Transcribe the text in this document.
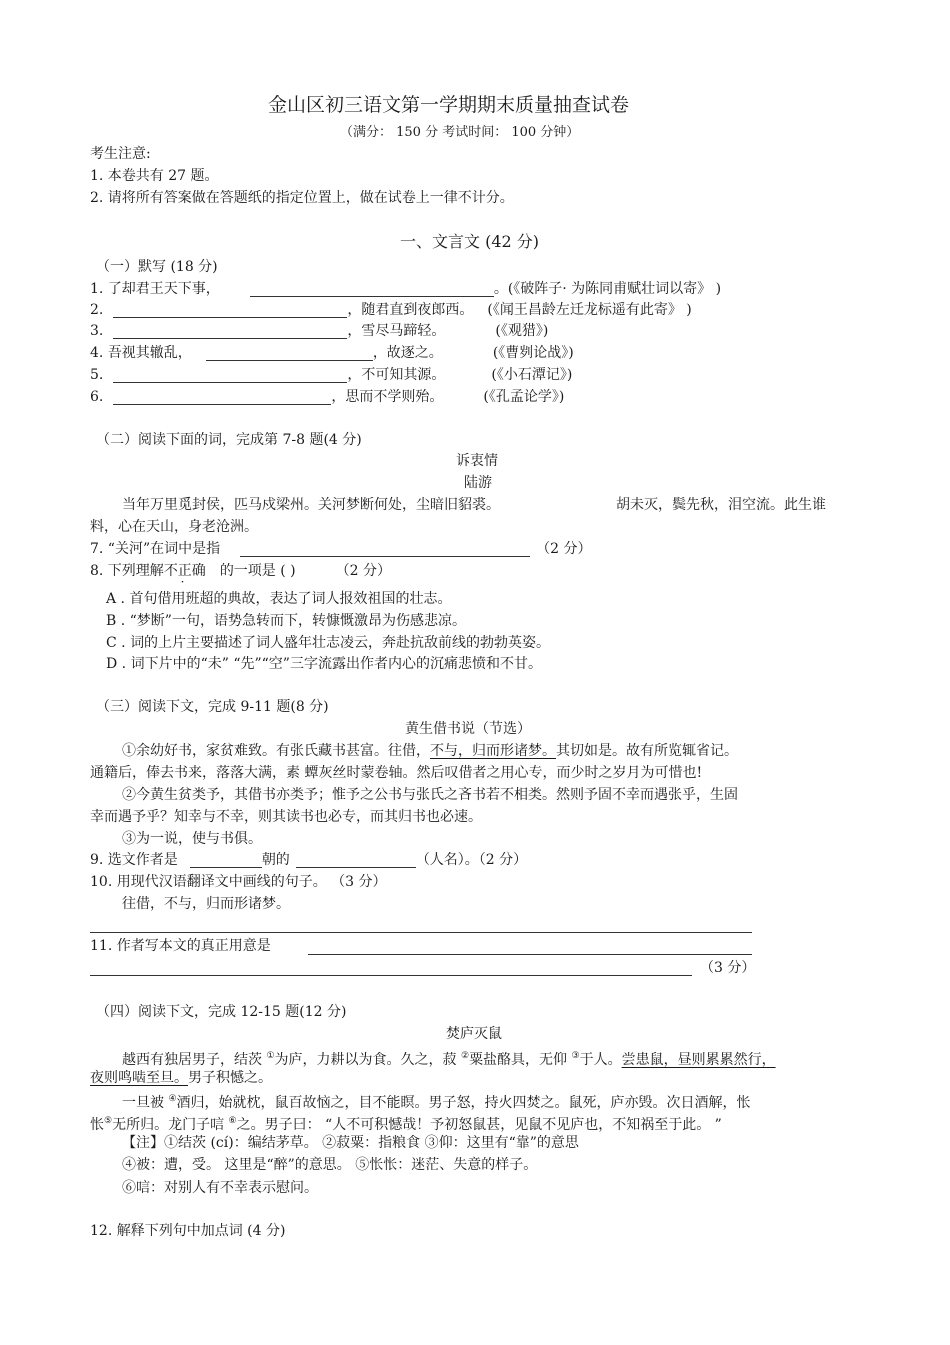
金山区初三语文第一学期期末质量抽查试卷
（满分： 150 分 考试时间： 100 分钟）
考生注意:
1. 本卷共有 27 题。
2. 请将所有答案做在答题纸的指定位置上，做在试卷上一律不计分。
一、文言文 (42 分)
（一）默写 (18 分)
1. 了却君王天下事，	。(《破阵子· 为陈同甫赋壮词以寄》 )
2.	，随君直到夜郎西。 (《闻王昌龄左迁龙标遥有此寄》 )
3.	，雪尽马蹄轻。	(《观猎》)
4. 吾视其辙乱，	，故逐之。	(《曹刿论战》)
5.	，不可知其源。	(《小石潭记》)
6.	，思而不学则殆。	(《孔孟论学》)
（二）阅读下面的词，完成第 7-8 题(4 分)
诉衷情
陆游
当年万里觅封侯，匹马戍梁州。关河梦断何处，尘暗旧貂裘。	胡未灭，鬓先秋，泪空流。此生谁
料，心在天山，身老沧洲。
7. “关河”在词中是指	（2 分）
8. 下列理解不正确 的一项是 ( )	（2 分）
A . 首句借用班超的典故，表达了词人报效祖国的壮志。
B . “梦断”一句，语势急转而下，转慷慨激昂为伤感悲凉。
C . 词的上片主要描述了词人盛年壮志凌云，奔赴抗敌前线的勃勃英姿。
D . 词下片中的“未” “先”“空”三字流露出作者内心的沉痛悲愤和不甘。
（三）阅读下文，完成 9-11 题(8 分)
黄生借书说（节选）
①余幼好书，家贫难致。有张氏藏书甚富。往借，不与，归而形诸梦。其切如是。故有所览辄省记。
通籍后，俸去书来，落落大满，素 蟫灰丝时蒙卷轴。然后叹借者之用心专，而少时之岁月为可惜也!
②今黄生贫类予，其借书亦类予；惟予之公书与张氏之吝书若不相类。然则予固不幸而遇张乎，生固
幸而遇予乎？知幸与不幸，则其读书也必专，而其归书也必速。
③为一说，使与书俱。
9. 选文作者是	朝的	（人名）。（2 分）
10. 用现代汉语翻译文中画线的句子。 （3 分）
往借，不与，归而形诸梦。
11. 作者写本文的真正用意是
（3 分）
（四）阅读下文，完成 12-15 题(12 分)
焚庐灭鼠
越西有独居男子，结茨 ①为庐，力耕以为食。久之，菽 ②粟盐酪具，无仰 ③于人。尝患鼠，昼则累累然行，
夜则鸣啮至旦。男子积憾之。
一旦被 ④酒归，始就枕，鼠百故恼之，目不能瞑。男子怒，持火四焚之。鼠死，庐亦毁。次日酒解，怅
怅⑤无所归。龙门子唁 ⑥之。男子曰： “人不可积憾哉！予初怒鼠甚，见鼠不见庐也，不知祸至于此。 ”
【注】①结茨 (cí)：编结茅草。 ②菽粟：指粮食 ③仰：这里有“靠”的意思
④被：遭，受。 这里是“醉”的意思。 ⑤怅怅：迷茫、失意的样子。
⑥唁：对别人有不幸表示慰问。
12. 解释下列句中加点词 (4 分)
